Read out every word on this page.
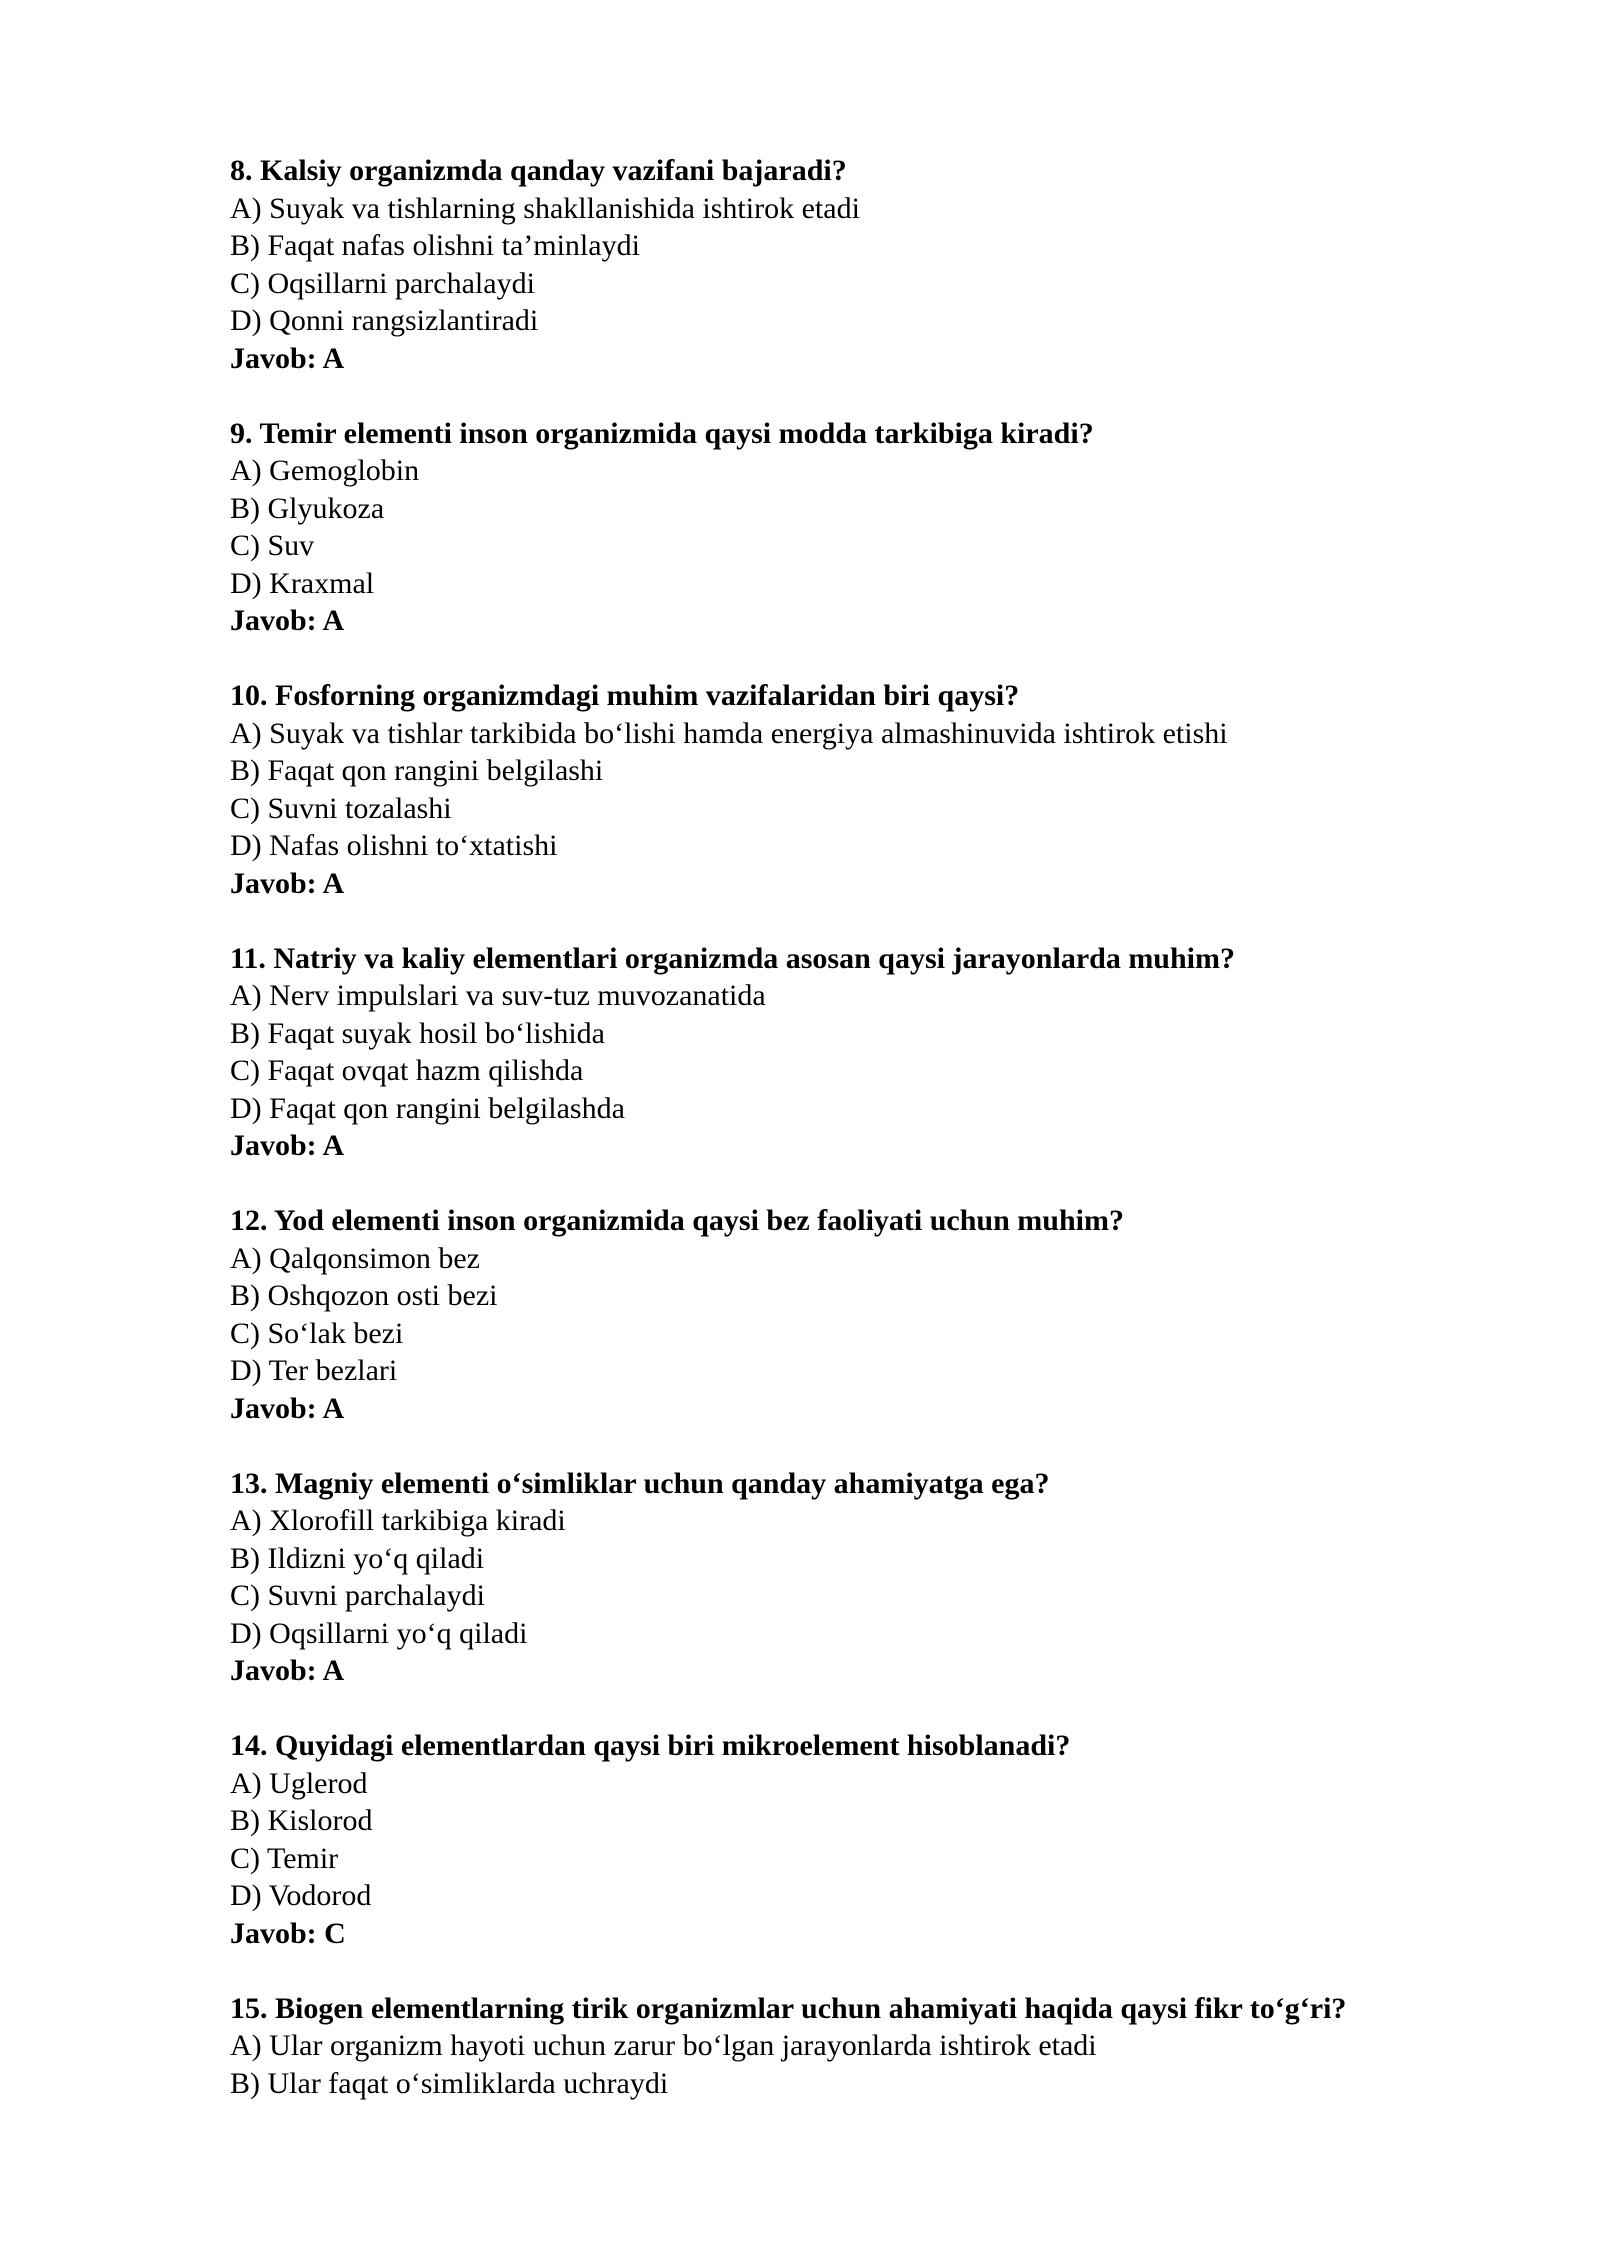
8. Kalsiy organizmda qanday vazifani bajaradi?
A) Suyak va tishlarning shakllanishida ishtirok etadi
B) Faqat nafas olishni ta’minlaydi
C) Oqsillarni parchalaydi
D) Qonni rangsizlantiradi
Javob: A
9. Temir elementi inson organizmida qaysi modda tarkibiga kiradi?
A) Gemoglobin
B) Glyukoza
C) Suv
D) Kraxmal
Javob: A
10. Fosforning organizmdagi muhim vazifalaridan biri qaysi?
A) Suyak va tishlar tarkibida bo‘lishi hamda energiya almashinuvida ishtirok etishi
B) Faqat qon rangini belgilashi
C) Suvni tozalashi
D) Nafas olishni to‘xtatishi
Javob: A
11. Natriy va kaliy elementlari organizmda asosan qaysi jarayonlarda muhim?
A) Nerv impulslari va suv-tuz muvozanatida
B) Faqat suyak hosil bo‘lishida
C) Faqat ovqat hazm qilishda
D) Faqat qon rangini belgilashda
Javob: A
12. Yod elementi inson organizmida qaysi bez faoliyati uchun muhim?
A) Qalqonsimon bez
B) Oshqozon osti bezi
C) So‘lak bezi
D) Ter bezlari
Javob: A
13. Magniy elementi o‘simliklar uchun qanday ahamiyatga ega?
A) Xlorofill tarkibiga kiradi
B) Ildizni yo‘q qiladi
C) Suvni parchalaydi
D) Oqsillarni yo‘q qiladi
Javob: A
14. Quyidagi elementlardan qaysi biri mikroelement hisoblanadi?
A) Uglerod
B) Kislorod
C) Temir
D) Vodorod
Javob: C
15. Biogen elementlarning tirik organizmlar uchun ahamiyati haqida qaysi fikr to‘g‘ri?
A) Ular organizm hayoti uchun zarur bo‘lgan jarayonlarda ishtirok etadi
B) Ular faqat o‘simliklarda uchraydi
